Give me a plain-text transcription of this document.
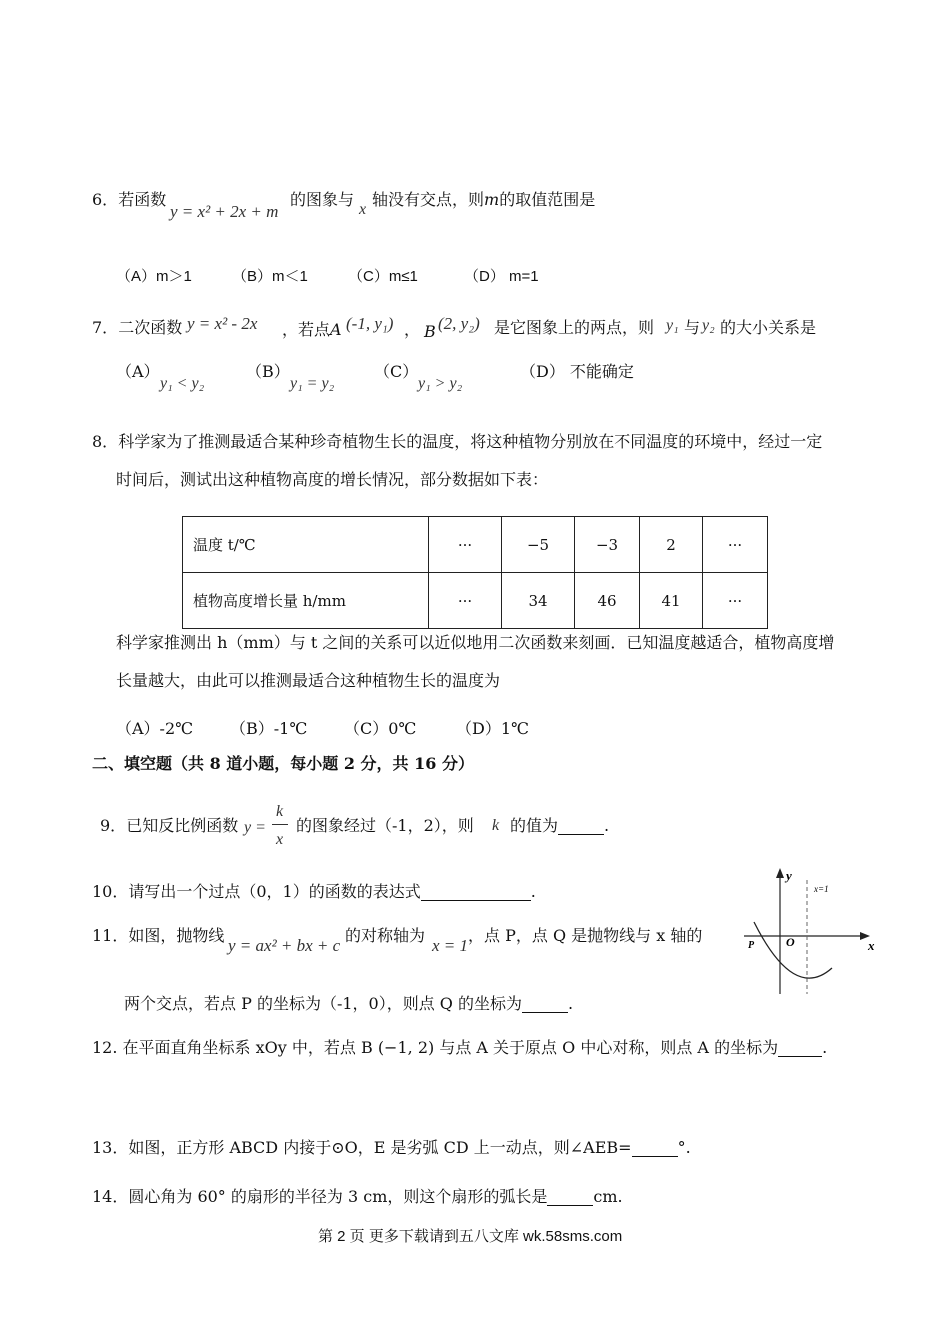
6．若函数
y = x² + 2x + m
的图象与
x
轴没有交点，则m的取值范围是
（A）m＞1	（B）m＜1	（C）m≤1	（D） m=1
7．二次函数 y = x² - 2x ，若点A (-1, y₁) ， B (2, y₂) 是它图象上的两点，则 y₁ 与 y₂ 的大小关系是
（A）
y₁ < y₂
（B）
y₁ = y₂
（C）
y₁ > y₂
（D） 不能确定
8．科学家为了推测最适合某种珍奇植物生长的温度，将这种植物分别放在不同温度的环境中，经过一定
时间后，测试出这种植物高度的增长情况，部分数据如下表：
温度 t/℃	···	−5	−3	2	···
植物高度增长量 h/mm	···	34	46	41	···
科学家推测出 h（mm）与 t 之间的关系可以近似地用二次函数来刻画．已知温度越适合，植物高度增
长量越大，由此可以推测最适合这种植物生长的温度为
（A）-2℃ （B）-1℃ （C）0℃ （D）1℃
二、填空题（共 8 道小题，每小题 2 分，共 16 分）
9．已知反比例函数 y =
k
x
的图象经过（-1，2），则 k 的值为	.
10．请写出一个过点（0，1）的函数的表达式	.
11．如图，抛物线
y = ax² + bx + c
的对称轴为
x = 1
，点 P，点 Q 是抛物线与 x 轴的
两个交点，若点 P 的坐标为（-1，0），则点 Q 的坐标为	.
y
x=1
O
P	x
12. 在平面直角坐标系 xOy 中，若点 B (−1, 2) 与点 A 关于原点 O 中心对称，则点 A 的坐标为	.
13．如图，正方形 ABCD 内接于⊙O，E 是劣弧 CD 上一动点，则∠AEB=	°.
14．圆心角为 60° 的扇形的半径为 3 cm，则这个扇形的弧长是	cm.
第 2 页 更多下载请到五八文库 wk.58sms.com
